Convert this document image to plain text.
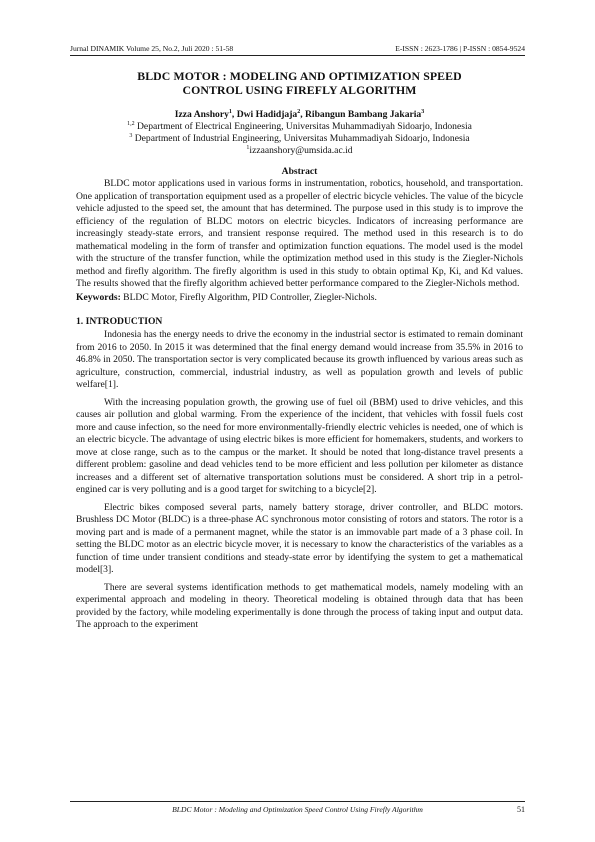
Jurnal DINAMIK Volume 25, No.2, Juli 2020 : 51-58	E-ISSN : 2623-1786 | P-ISSN : 0854-9524
BLDC MOTOR : MODELING AND OPTIMIZATION SPEED
CONTROL USING FIREFLY ALGORITHM
Izza Anshory$^1$, Dwi Hadidjaja$^2$, Ribangun Bambang Jakaria$^3$
$^{1,2}$ Department of Electrical Engineering, Universitas Muhammadiyah Sidoarjo, Indonesia
$^3$ Department of Industrial Engineering, Universitas Muhammadiyah Sidoarjo, Indonesia
$^1$izzaanshory@umsida.ac.id
Abstract

BLDC motor applications used in various forms in instrumentation, robotics, household, and transportation. One application of transportation equipment used as a propeller of electric bicycle vehicles. The value of the bicycle vehicle adjusted to the speed set, the amount that has determined. The purpose used in this study is to improve the efficiency of the regulation of BLDC motors on electric bicycles. Indicators of increasing performance are increasingly steady-state errors, and transient response required. The method used in this research is to do mathematical modeling in the form of transfer and optimization function equations. The model used is the model with the structure of the transfer function, while the optimization method used in this study is the Ziegler-Nichols method and firefly algorithm. The firefly algorithm is used in this study to obtain optimal Kp, Ki, and Kd values. The results showed that the firefly algorithm achieved better performance compared to the Ziegler-Nichols method.

Keywords: BLDC Motor, Firefly Algorithm, PID Controller, Ziegler-Nichols.
1. INTRODUCTION

Indonesia has the energy needs to drive the economy in the industrial sector is estimated to remain dominant from 2016 to 2050. In 2015 it was determined that the final energy demand would increase from 35.5% in 2016 to 46.8% in 2050. The transportation sector is very complicated because its growth influenced by various areas such as agriculture, construction, commercial, industrial industry, as well as population growth and levels of public welfare[1].

With the increasing population growth, the growing use of fuel oil (BBM) used to drive vehicles, and this causes air pollution and global warming. From the experience of the incident, that vehicles with fossil fuels cost more and cause infection, so the need for more environmentally-friendly electric vehicles is needed, one of which is an electric bicycle. The advantage of using electric bikes is more efficient for homemakers, students, and workers to move at close range, such as to the campus or the market. It should be noted that long-distance travel presents a different problem: gasoline and dead vehicles tend to be more efficient and less pollution per kilometer as distance increases and a different set of alternative transportation solutions must be considered. A short trip in a petrol-engined car is very polluting and is a good target for switching to a bicycle[2].

Electric bikes composed several parts, namely battery storage, driver controller, and BLDC motors. Brushless DC Motor (BLDC) is a three-phase AC synchronous motor consisting of rotors and stators. The rotor is a moving part and is made of a permanent magnet, while the stator is an immovable part made of a 3 phase coil. In setting the BLDC motor as an electric bicycle mover, it is necessary to know the characteristics of the variables as a function of time under transient conditions and steady-state error by identifying the system to get a mathematical model[3].

There are several systems identification methods to get mathematical models, namely modeling with an experimental approach and modeling in theory. Theoretical modeling is obtained through data that has been provided by the factory, while modeling experimentally is done through the process of taking input and output data. The approach to the experiment

BLDC Motor : Modeling and Optimization Speed Control Using Firefly Algorithm	51
